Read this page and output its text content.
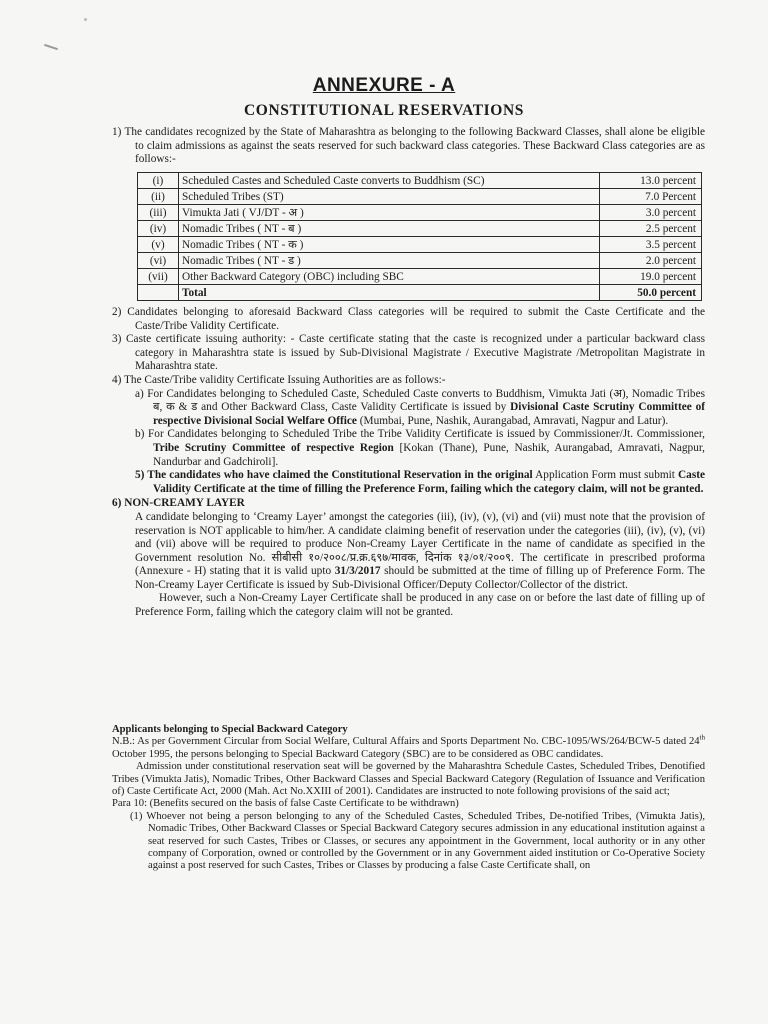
ANNEXURE - A
CONSTITUTIONAL RESERVATIONS

1) The candidates recognized by the State of Maharashtra as belonging to the following Backward Classes, shall alone be eligible to claim admissions as against the seats reserved for such backward class categories. These Backward Class categories are as follows:-

(i)	Scheduled Castes and Scheduled Caste converts to Buddhism (SC)	13.0 percent
(ii)	Scheduled Tribes (ST)	7.0 Percent
(iii)	Vimukta Jati ( VJ/DT - अ )	3.0 percent
(iv)	Nomadic Tribes ( NT - ब )	2.5 percent
(v)	Nomadic Tribes ( NT - क )	3.5 percent
(vi)	Nomadic Tribes ( NT - ड )	2.0 percent
(vii)	Other Backward Category (OBC) including SBC	19.0 percent
	Total	50.0 percent

2) Candidates belonging to aforesaid Backward Class categories will be required to submit the Caste Certificate and the Caste/Tribe Validity Certificate.

3) Caste certificate issuing authority: - Caste certificate stating that the caste is recognized under a particular backward class category in Maharashtra state is issued by Sub-Divisional Magistrate / Executive Magistrate /Metropolitan Magistrate in Maharashtra state.

4) The Caste/Tribe validity Certificate Issuing Authorities are as follows:-

a) For Candidates belonging to Scheduled Caste, Scheduled Caste converts to Buddhism, Vimukta Jati (अ), Nomadic Tribes ब, क & ड and Other Backward Class, Caste Validity Certificate is issued by Divisional Caste Scrutiny Committee of respective Divisional Social Welfare Office (Mumbai, Pune, Nashik, Aurangabad, Amravati, Nagpur and Latur).

b) For Candidates belonging to Scheduled Tribe the Tribe Validity Certificate is issued by Commissioner/Jt. Commissioner, Tribe Scrutiny Committee of respective Region [Kokan (Thane), Pune, Nashik, Aurangabad, Amravati, Nagpur, Nandurbar and Gadchiroli].

5) The candidates who have claimed the Constitutional Reservation in the original Application Form must submit Caste Validity Certificate at the time of filling the Preference Form, failing which the category claim, will not be granted.

6) NON-CREAMY LAYER

A candidate belonging to ‘Creamy Layer’ amongst the categories (iii), (iv), (v), (vi) and (vii) must note that the provision of reservation is NOT applicable to him/her. A candidate claiming benefit of reservation under the categories (iii), (iv), (v), (vi) and (vii) above will be required to produce Non-Creamy Layer Certificate in the name of candidate as specified in the Government resolution No. सीबीसी १०/२००८/प्र.क्र.६९७/मावक, दिनांक १३/०१/२००९. The certificate in prescribed proforma (Annexure - H) stating that it is valid upto 31/3/2017 should be submitted at the time of filling up of Preference Form. The Non-Creamy Layer Certificate is issued by Sub-Divisional Officer/Deputy Collector/Collector of the district.

However, such a Non-Creamy Layer Certificate shall be produced in any case on or before the last date of filling up of Preference Form, failing which the category claim will not be granted.

Applicants belonging to Special Backward Category

N.B.: As per Government Circular from Social Welfare, Cultural Affairs and Sports Department No. CBC-1095/WS/264/BCW-5 dated 24th October 1995, the persons belonging to Special Backward Category (SBC) are to be considered as OBC candidates.

Admission under constitutional reservation seat will be governed by the Maharashtra Schedule Castes, Scheduled Tribes, Denotified Tribes (Vimukta Jatis), Nomadic Tribes, Other Backward Classes and Special Backward Category (Regulation of Issuance and Verification of) Caste Certificate Act, 2000 (Mah. Act No.XXIII of 2001). Candidates are instructed to note following provisions of the said act;

Para 10: (Benefits secured on the basis of false Caste Certificate to be withdrawn)

(1) Whoever not being a person belonging to any of the Scheduled Castes, Scheduled Tribes, De-notified Tribes, (Vimukta Jatis), Nomadic Tribes, Other Backward Classes or Special Backward Category secures admission in any educational institution against a seat reserved for such Castes, Tribes or Classes, or secures any appointment in the Government, local authority or in any other company of Corporation, owned or controlled by the Government or in any Government aided institution or Co-Operative Society against a post reserved for such Castes, Tribes or Classes by producing a false Caste Certificate shall, on
